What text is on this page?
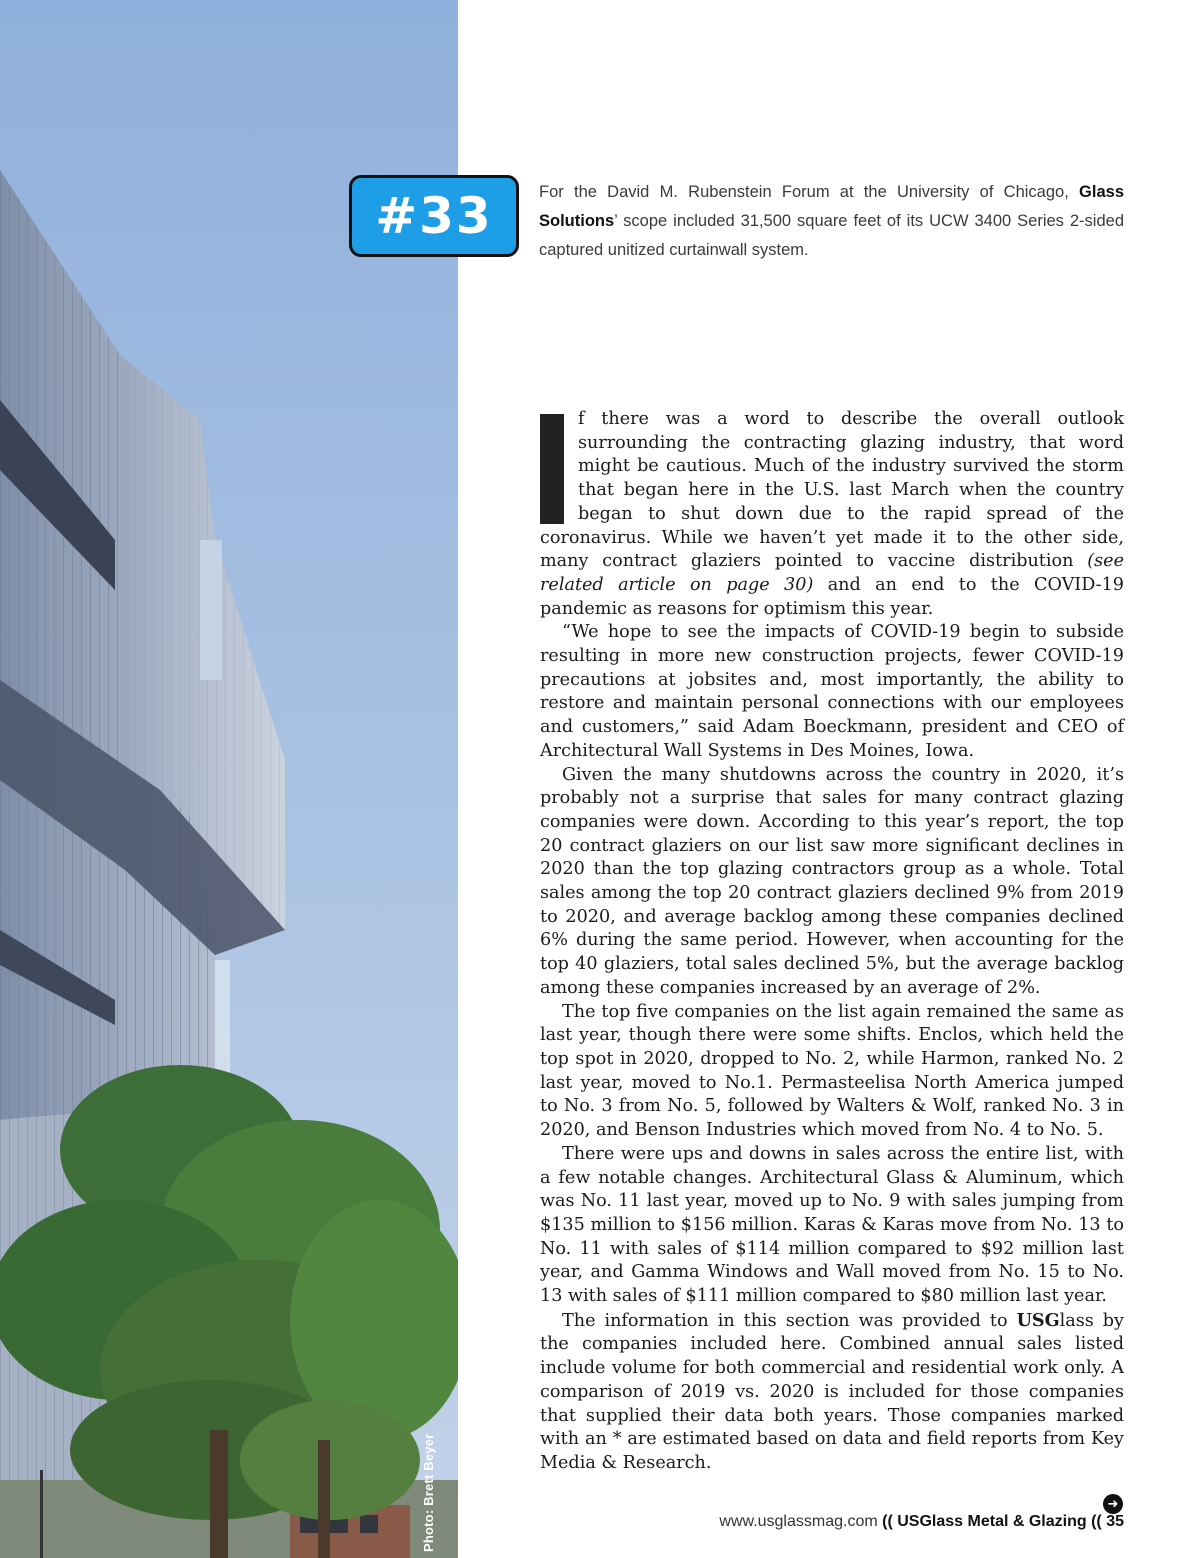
Photo: Brett Beyer
#33	For the David M. Rubenstein Forum at the University of Chicago, Glass Solutions’ scope included 31,500 square feet of its UCW 3400 Series 2-sided captured unitized curtainwall system.

I	f there was a word to describe the overall outlook surrounding the contracting glazing industry, that word might be cautious. Much of the industry survived the storm that began here in the U.S. last March when the country began to shut down due to the rapid spread of the coronavirus. While we haven’t yet made it to the other side, many contract glaziers pointed to vaccine distribution (see related article on page 30) and an end to the COVID-19 pandemic as reasons for optimism this year.

“We hope to see the impacts of COVID-19 begin to subside resulting in more new construction projects, fewer COVID-19 precautions at jobsites and, most importantly, the ability to restore and maintain personal connections with our employees and customers,” said Adam Boeckmann, president and CEO of Architectural Wall Systems in Des Moines, Iowa.

Given the many shutdowns across the country in 2020, it’s probably not a surprise that sales for many contract glazing companies were down. According to this year’s report, the top 20 contract glaziers on our list saw more significant declines in 2020 than the top glazing contractors group as a whole. Total sales among the top 20 contract glaziers declined 9% from 2019 to 2020, and average backlog among these companies declined 6% during the same period. However, when accounting for the top 40 glaziers, total sales declined 5%, but the average backlog among these companies increased by an average of 2%.

The top five companies on the list again remained the same as last year, though there were some shifts. Enclos, which held the top spot in 2020, dropped to No. 2, while Harmon, ranked No. 2 last year, moved to No.1. Permasteelisa North America jumped to No. 3 from No. 5, followed by Walters & Wolf, ranked No. 3 in 2020, and Benson Industries which moved from No. 4 to No. 5.

There were ups and downs in sales across the entire list, with a few notable changes. Architectural Glass & Aluminum, which was No. 11 last year, moved up to No. 9 with sales jumping from $135 million to $156 million. Karas & Karas move from No. 13 to No. 11 with sales of $114 million compared to $92 million last year, and Gamma Windows and Wall moved from No. 15 to No. 13 with sales of $111 million compared to $80 million last year.

The information in this section was provided to USGlass by the companies included here. Combined annual sales listed include volume for both commercial and residential work only. A comparison of 2019 vs. 2020 is included for those companies that supplied their data both years. Those companies marked with an * are estimated based on data and field reports from Key Media & Research.

➜
www.usglassmag.com (( USGlass Metal & Glazing (( 35
